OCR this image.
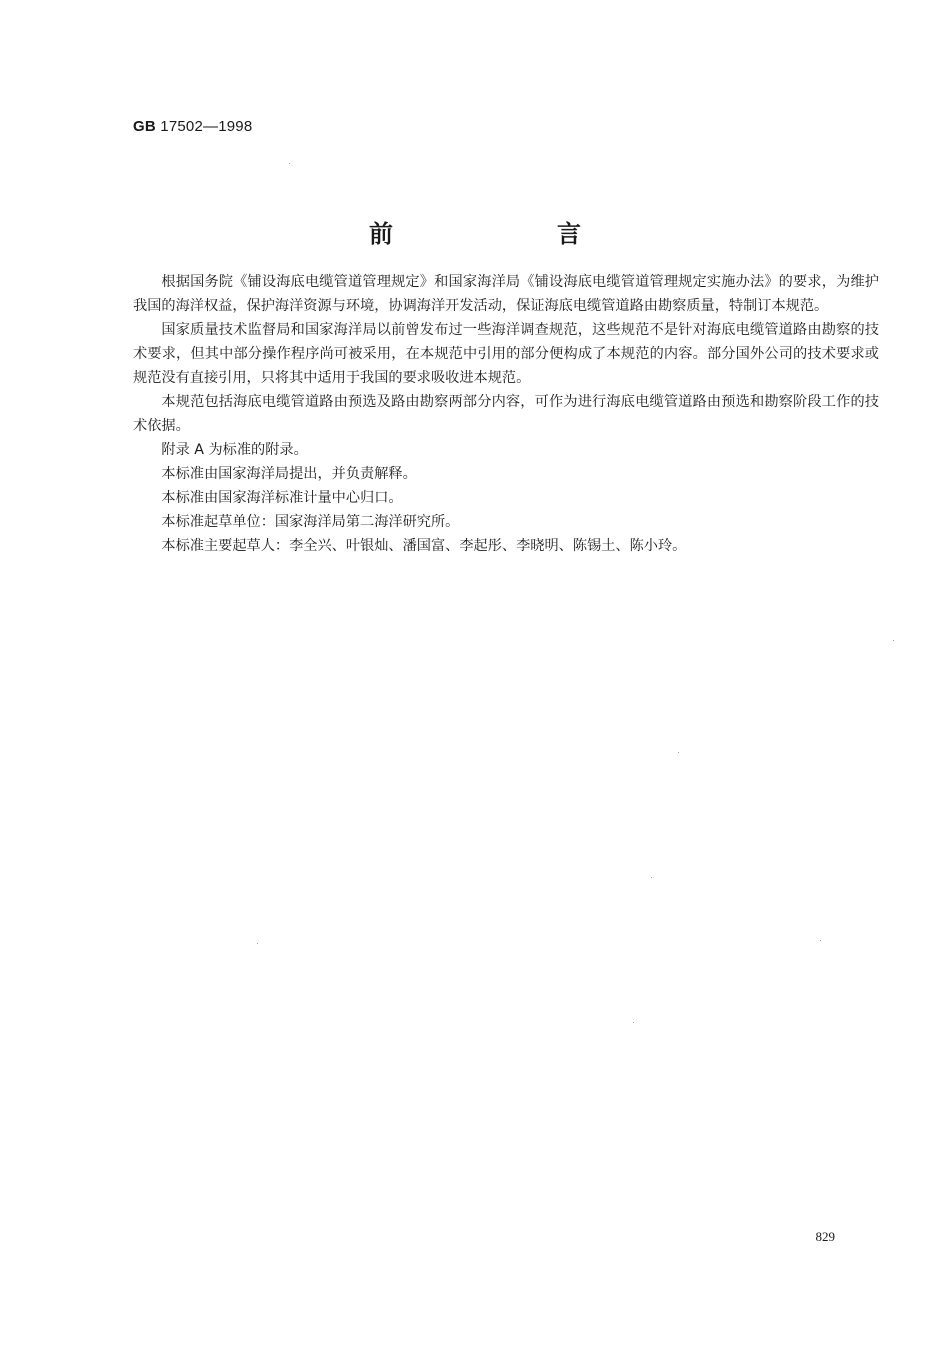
GB 17502—1998
前　言

根据国务院《铺设海底电缆管道管理规定》和国家海洋局《铺设海底电缆管道管理规定实施办法》的要求，为维护我国的海洋权益，保护海洋资源与环境，协调海洋开发活动，保证海底电缆管道路由勘察质量，特制订本规范。

国家质量技术监督局和国家海洋局以前曾发布过一些海洋调查规范，这些规范不是针对海底电缆管道路由勘察的技术要求，但其中部分操作程序尚可被采用，在本规范中引用的部分便构成了本规范的内容。部分国外公司的技术要求或规范没有直接引用，只将其中适用于我国的要求吸收进本规范。

本规范包括海底电缆管道路由预选及路由勘察两部分内容，可作为进行海底电缆管道路由预选和勘察阶段工作的技术依据。

附录 A 为标准的附录。

本标准由国家海洋局提出，并负责解释。

本标准由国家海洋标准计量中心归口。

本标准起草单位：国家海洋局第二海洋研究所。

本标准主要起草人：李全兴、叶银灿、潘国富、李起彤、李晓明、陈锡土、陈小玲。

829
